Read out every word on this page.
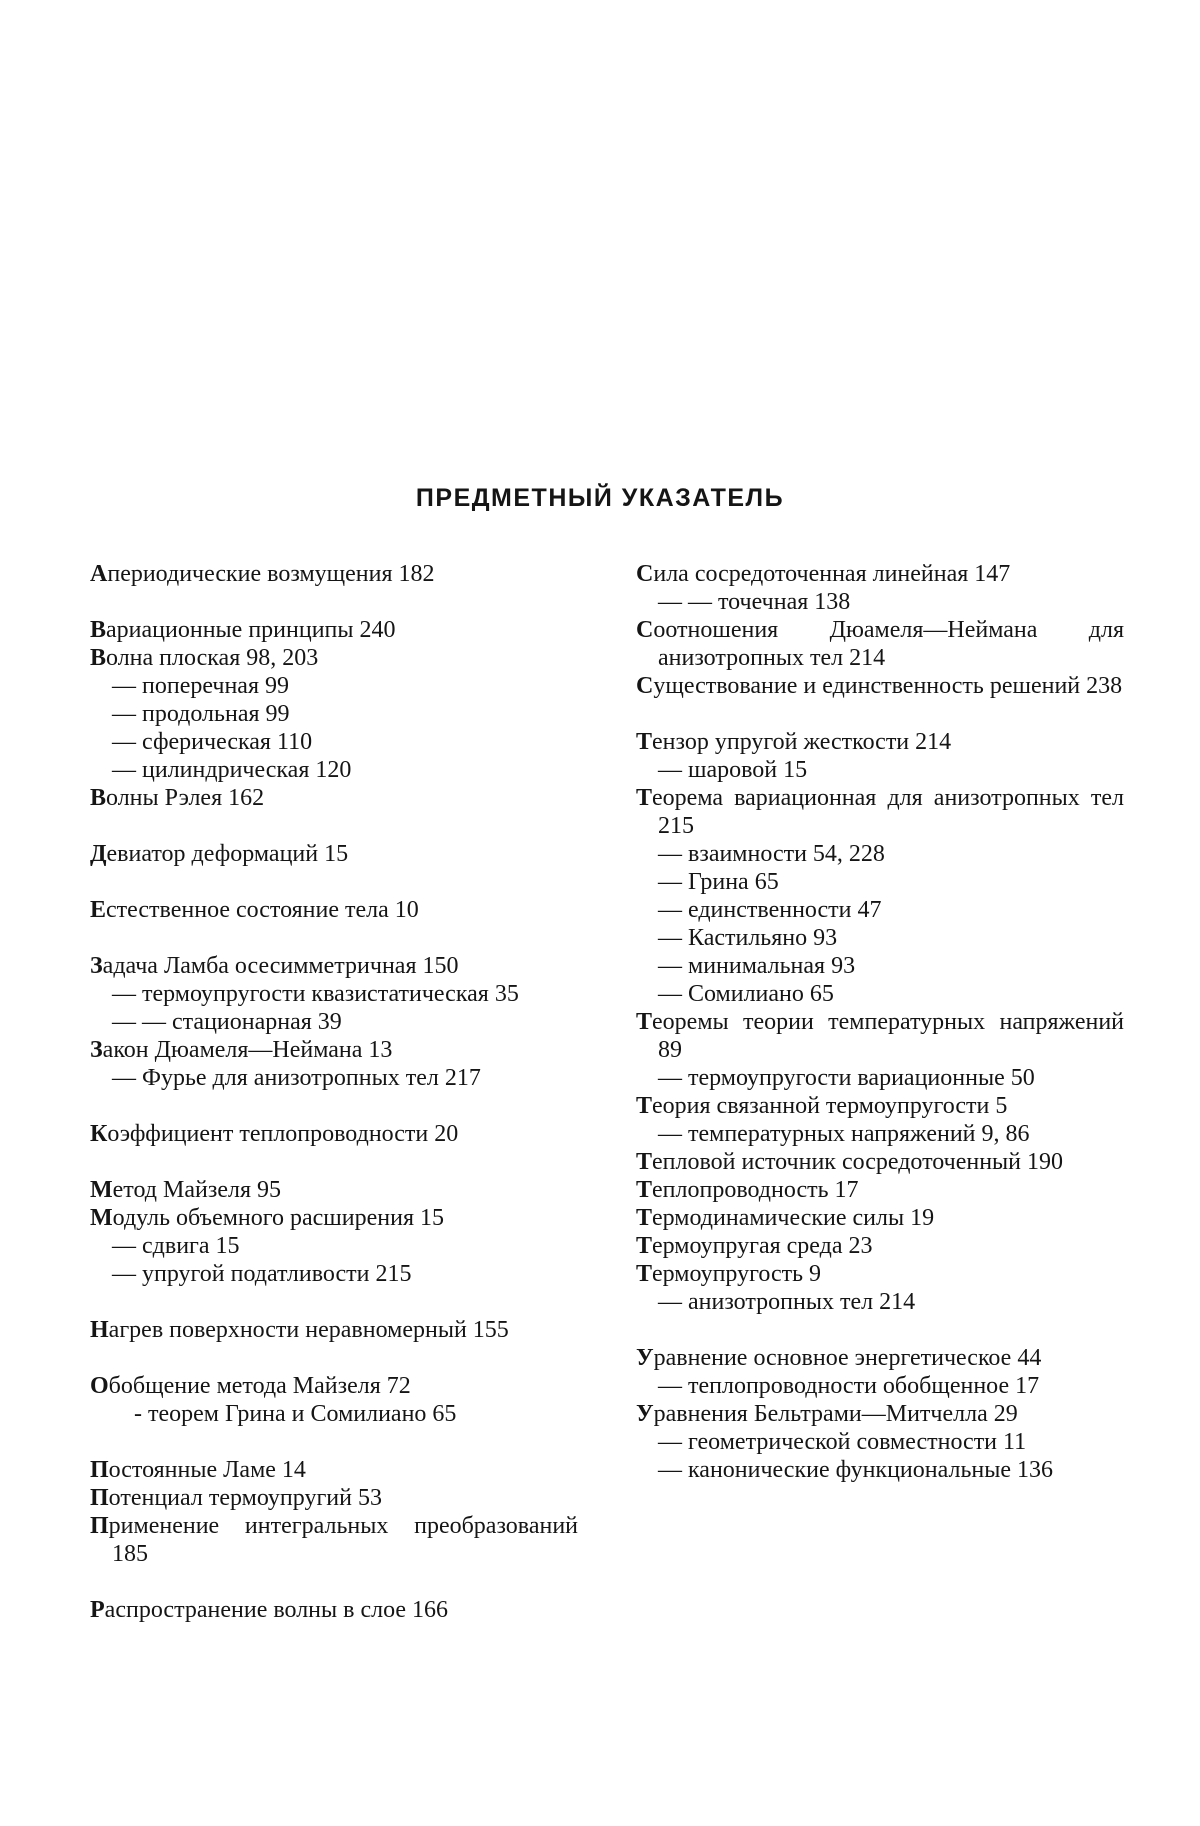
ПРЕДМЕТНЫЙ УКАЗАТЕЛЬ

Апериодические возмущения 182

Вариационные принципы 240

Волна плоская 98, 203

— поперечная 99

— продольная 99

— сферическая 110

— цилиндрическая 120

Волны Рэлея 162

Девиатор деформаций 15

Естественное состояние тела 10

Задача Ламба осесимметричная 150

— термоупругости квазистатическая 35

— — стационарная 39

Закон Дюамеля—Неймана 13

— Фурье для анизотропных тел 217

Коэффициент теплопроводности 20

Метод Майзеля 95

Модуль объемного расширения 15

— сдвига 15

— упругой податливости 215

Нагрев поверхности неравномерный 155

Обобщение метода Майзеля 72

- теорем Грина и Сомилиано 65

Постоянные Ламе 14

Потенциал термоупругий 53

Применение интегральных преобразований 185

Распространение волны в слое 166

Сила сосредоточенная линейная 147

— — точечная 138

Соотношения Дюамеля—Неймана для анизотропных тел 214

Существование и единственность решений 238

Тензор упругой жесткости 214

— шаровой 15

Теорема вариационная для анизотропных тел 215

— взаимности 54, 228

— Грина 65

— единственности 47

— Кастильяно 93

— минимальная 93

— Сомилиано 65

Теоремы теории температурных напряжений 89

— термоупругости вариационные 50

Теория связанной термоупругости 5

— температурных напряжений 9, 86

Тепловой источник сосредоточенный 190

Теплопроводность 17

Термодинамические силы 19

Термоупругая среда 23

Термоупругость 9

— анизотропных тел 214

Уравнение основное энергетическое 44

— теплопроводности обобщенное 17

Уравнения Бельтрами—Митчелла 29

— геометрической совместности 11

— канонические функциональные 136
